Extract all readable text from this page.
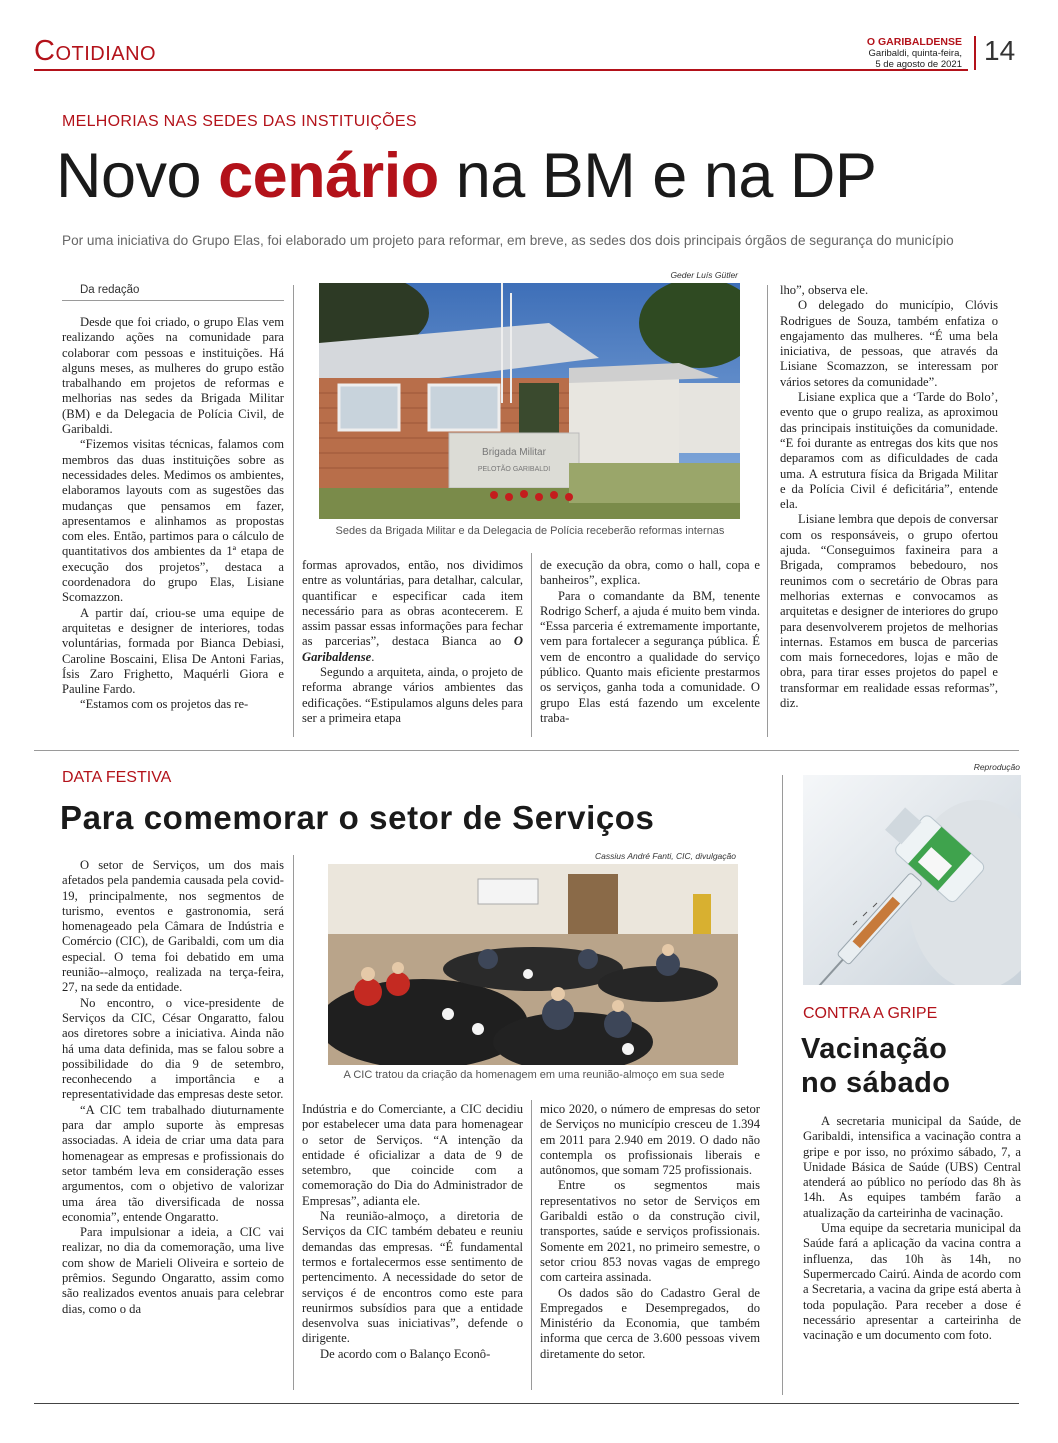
Cotidiano	O GARIBALDENSE
Garibaldi, quinta-feira,
5 de agosto de 2021 14
MELHORIAS NAS SEDES DAS INSTITUIÇÕES
Novo cenário na BM e na DP
Por uma iniciativa do Grupo Elas, foi elaborado um projeto para reformar, em breve, as sedes dos dois principais órgãos de segurança do município
Da redação

Desde que foi criado, o grupo Elas vem realizando ações na comunidade para colaborar com pessoas e instituições. Há alguns meses, as mulheres do grupo estão trabalhando em projetos de reformas e melhorias nas sedes da Brigada Militar (BM) e da Delegacia de Polícia Civil, de Garibaldi.

“Fizemos visitas técnicas, falamos com membros das duas instituições sobre as necessidades deles. Medimos os ambientes, elaboramos layouts com as sugestões das mudanças que pensamos em fazer, apresentamos e alinhamos as propostas com eles. Então, partimos para o cálculo de quantitativos dos ambientes da 1ª etapa de execução dos projetos”, destaca a coordenadora do grupo Elas, Lisiane Scomazzon.

A partir daí, criou-se uma equipe de arquitetas e designer de interiores, todas voluntárias, formada por Bianca Debiasi, Caroline Boscaini, Elisa De Antoni Farias, Ísis Zaro Frighetto, Maquérli Giora e Pauline Fardo.

“Estamos com os projetos das re-

Geder Luís Gütler
Brigada Militar
PELOTÃO GARIBALDI
Sedes da Brigada Militar e da Delegacia de Polícia receberão reformas internas

formas aprovados, então, nos dividimos entre as voluntárias, para detalhar, calcular, quantificar e especificar cada item necessário para as obras acontecerem. E assim passar essas informações para fechar as parcerias”, destaca Bianca ao O Garibaldense.

Segundo a arquiteta, ainda, o projeto de reforma abrange vários ambientes das edificações. “Estipulamos alguns deles para ser a primeira etapa

de execução da obra, como o hall, copa e banheiros”, explica.

Para o comandante da BM, tenente Rodrigo Scherf, a ajuda é muito bem vinda. “Essa parceria é extremamente importante, vem para fortalecer a segurança pública. É vem de encontro a qualidade do serviço público. Quanto mais eficiente prestarmos os serviços, ganha toda a comunidade. O grupo Elas está fazendo um excelente traba-

lho”, observa ele.

O delegado do município, Clóvis Rodrigues de Souza, também enfatiza o engajamento das mulheres. “É uma bela iniciativa, de pessoas, que através da Lisiane Scomazzon, se interessam por vários setores da comunidade”.

Lisiane explica que a ‘Tarde do Bolo’, evento que o grupo realiza, as aproximou das principais instituições da comunidade. “E foi durante as entregas dos kits que nos deparamos com as dificuldades de cada uma. A estrutura física da Brigada Militar e da Polícia Civil é deficitária”, entende ela.

Lisiane lembra que depois de conversar com os responsáveis, o grupo ofertou ajuda. “Conseguimos faxineira para a Brigada, compramos bebedouro, nos reunimos com o secretário de Obras para melhorias externas e convocamos as arquitetas e designer de interiores do grupo para desenvolverem projetos de melhorias internas. Estamos em busca de parcerias com mais fornecedores, lojas e mão de obra, para tirar esses projetos do papel e transformar em realidade essas reformas”, diz.

DATA FESTIVA
Para comemorar o setor de Serviços

O setor de Serviços, um dos mais afetados pela pandemia causada pela covid-19, principalmente, nos segmentos de turismo, eventos e gastronomia, será homenageado pela Câmara de Indústria e Comércio (CIC), de Garibaldi, com um dia especial. O tema foi debatido em uma reunião--almoço, realizada na terça-feira, 27, na sede da entidade.

No encontro, o vice-presidente de Serviços da CIC, César Ongaratto, falou aos diretores sobre a iniciativa. Ainda não há uma data definida, mas se falou sobre a possibilidade do dia 9 de setembro, reconhecendo a importância e a representatividade das empresas deste setor.

“A CIC tem trabalhado diuturnamente para dar amplo suporte às empresas associadas. A ideia de criar uma data para homenagear as empresas e profissionais do setor também leva em consideração esses argumentos, com o objetivo de valorizar uma área tão diversificada de nossa economia”, entende Ongaratto.

Para impulsionar a ideia, a CIC vai realizar, no dia da comemoração, uma live com show de Marieli Oliveira e sorteio de prêmios. Segundo Ongaratto, assim como são realizados eventos anuais para celebrar dias, como o da

Cassius André Fanti, CIC, divulgação
A CIC tratou da criação da homenagem em uma reunião-almoço em sua sede

Indústria e do Comerciante, a CIC decidiu por estabelecer uma data para homenagear o setor de Serviços. “A intenção da entidade é oficializar a data de 9 de setembro, que coincide com a comemoração do Dia do Administrador de Empresas”, adianta ele.

Na reunião-almoço, a diretoria de Serviços da CIC também debateu e reuniu demandas das empresas. “É fundamental termos e fortalecermos esse sentimento de pertencimento. A necessidade do setor de serviços é de encontros como este para reunirmos subsídios para que a entidade desenvolva suas iniciativas”, defende o dirigente.

De acordo com o Balanço Econô-

mico 2020, o número de empresas do setor de Serviços no município cresceu de 1.394 em 2011 para 2.940 em 2019. O dado não contempla os profissionais liberais e autônomos, que somam 725 profissionais.

Entre os segmentos mais representativos no setor de Serviços em Garibaldi estão o da construção civil, transportes, saúde e serviços profissionais. Somente em 2021, no primeiro semestre, o setor criou 853 novas vagas de emprego com carteira assinada.

Os dados são do Cadastro Geral de Empregados e Desempregados, do Ministério da Economia, que também informa que cerca de 3.600 pessoas vivem diretamente do setor.

Reprodução
CONTRA A GRIPE
Vacinação
no sábado

A secretaria municipal da Saúde, de Garibaldi, intensifica a vacinação contra a gripe e por isso, no próximo sábado, 7, a Unidade Básica de Saúde (UBS) Central atenderá ao público no período das 8h às 14h. As equipes também farão a atualização da carteirinha de vacinação.

Uma equipe da secretaria municipal da Saúde fará a aplicação da vacina contra a influenza, das 10h às 14h, no Supermercado Cairú. Ainda de acordo com a Secretaria, a vacina da gripe está aberta à toda população. Para receber a dose é necessário apresentar a carteirinha de vacinação e um documento com foto.
